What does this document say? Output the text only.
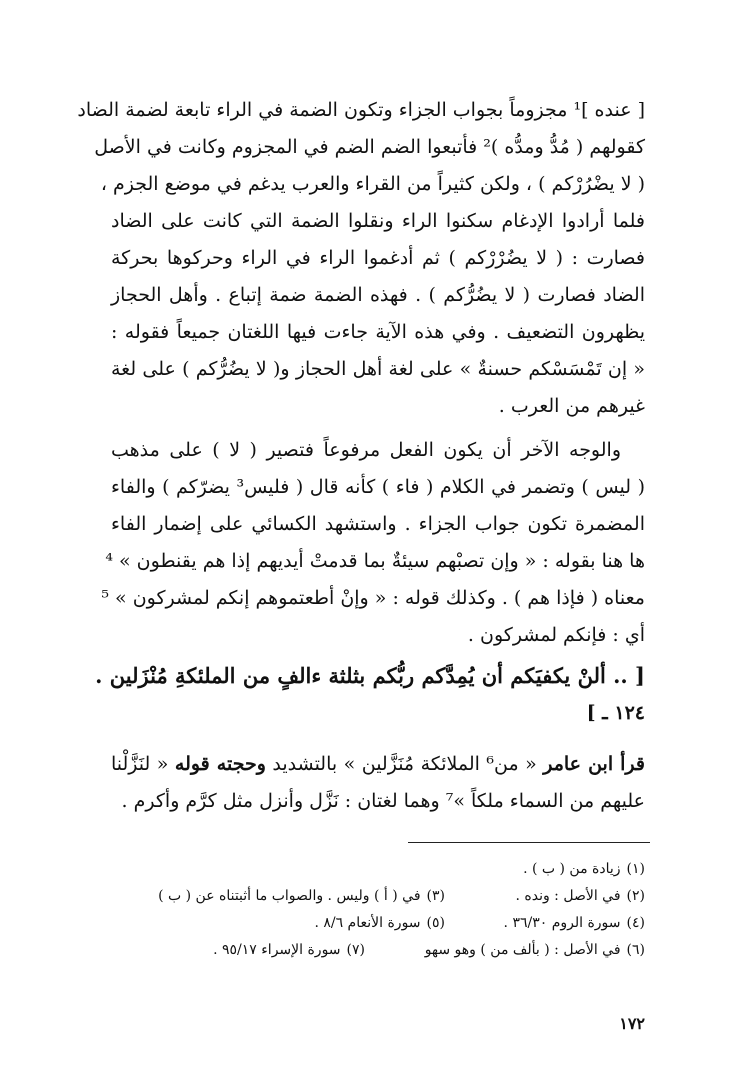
[ عنده ]¹ مجزوماً بجواب الجزاء وتكون الضمة في الراء تابعة لضمة الضاد
كقولهم ( مُدُّ ومدُّه )² فأتبعوا الضم الضم في المجزوم وكانت في الأصل
( لا يضْرُرْكم ) ، ولكن كثيراً من القراء والعرب يدغم في موضع الجزم ،
فلما أرادوا الإدغام سكنوا الراء ونقلوا الضمة التي كانت على الضاد
فصارت : ( لا يضُرْرْكم ) ثم أدغموا الراء في الراء وحركوها بحركة
الضاد فصارت ( لا يضُرُّكم ) . فهذه الضمة ضمة إتباع . وأهل الحجاز
يظهرون التضعيف . وفي هذه الآية جاءت فيها اللغتان جميعاً فقوله :
« إن تَمْسَسْكم حسنةٌ » على لغة أهل الحجاز و( لا يضُرُّكم ) على لغة
غيرهم من العرب .
والوجه الآخر أن يكون الفعل مرفوعاً فتصير ( لا ) على مذهب
( ليس ) وتضمر في الكلام ( فاء ) كأنه قال ( فليس³ يضرّكم ) والفاء
المضمرة تكون جواب الجزاء . واستشهد الكسائي على إضمار الفاء
ها هنا بقوله : « وإن تصبْهم سيئةٌ بما قدمتْ أيديهم إذا هم يقنطون » ⁴
معناه ( فإذا هم ) . وكذلك قوله : « وإنْ أطعتموهم إنكم لمشركون » ⁵
أي : فإنكم لمشركون .
[ .. ألنْ يكفيَكم أن يُمِدَّكم ربُّكم بثلثة ءالفٍ من الملئكةِ مُنْزَلين .
١٢٤ ـ ]
قرأ ابن عامر « من⁶ الملائكة مُنَزَّلين » بالتشديد وحجته قوله « لنَزَّلْنا
عليهم من السماء ملكاً »⁷ وهما لغتان : نَزَّل وأنزل مثل كرَّم وأكرم .
(١)زيادة من ( ب ) .
(٢)في الأصل : ونده .
(٣)في ( أ ) وليس . والصواب ما أثبتناه عن ( ب )
(٤)سورة الروم ٣٦/٣٠ .
(٥)سورة الأنعام ٨/٦ .
(٦)في الأصل : ( بألف من ) وهو سهو
(٧)سورة الإسراء ٩٥/١٧ .
١٧٢
